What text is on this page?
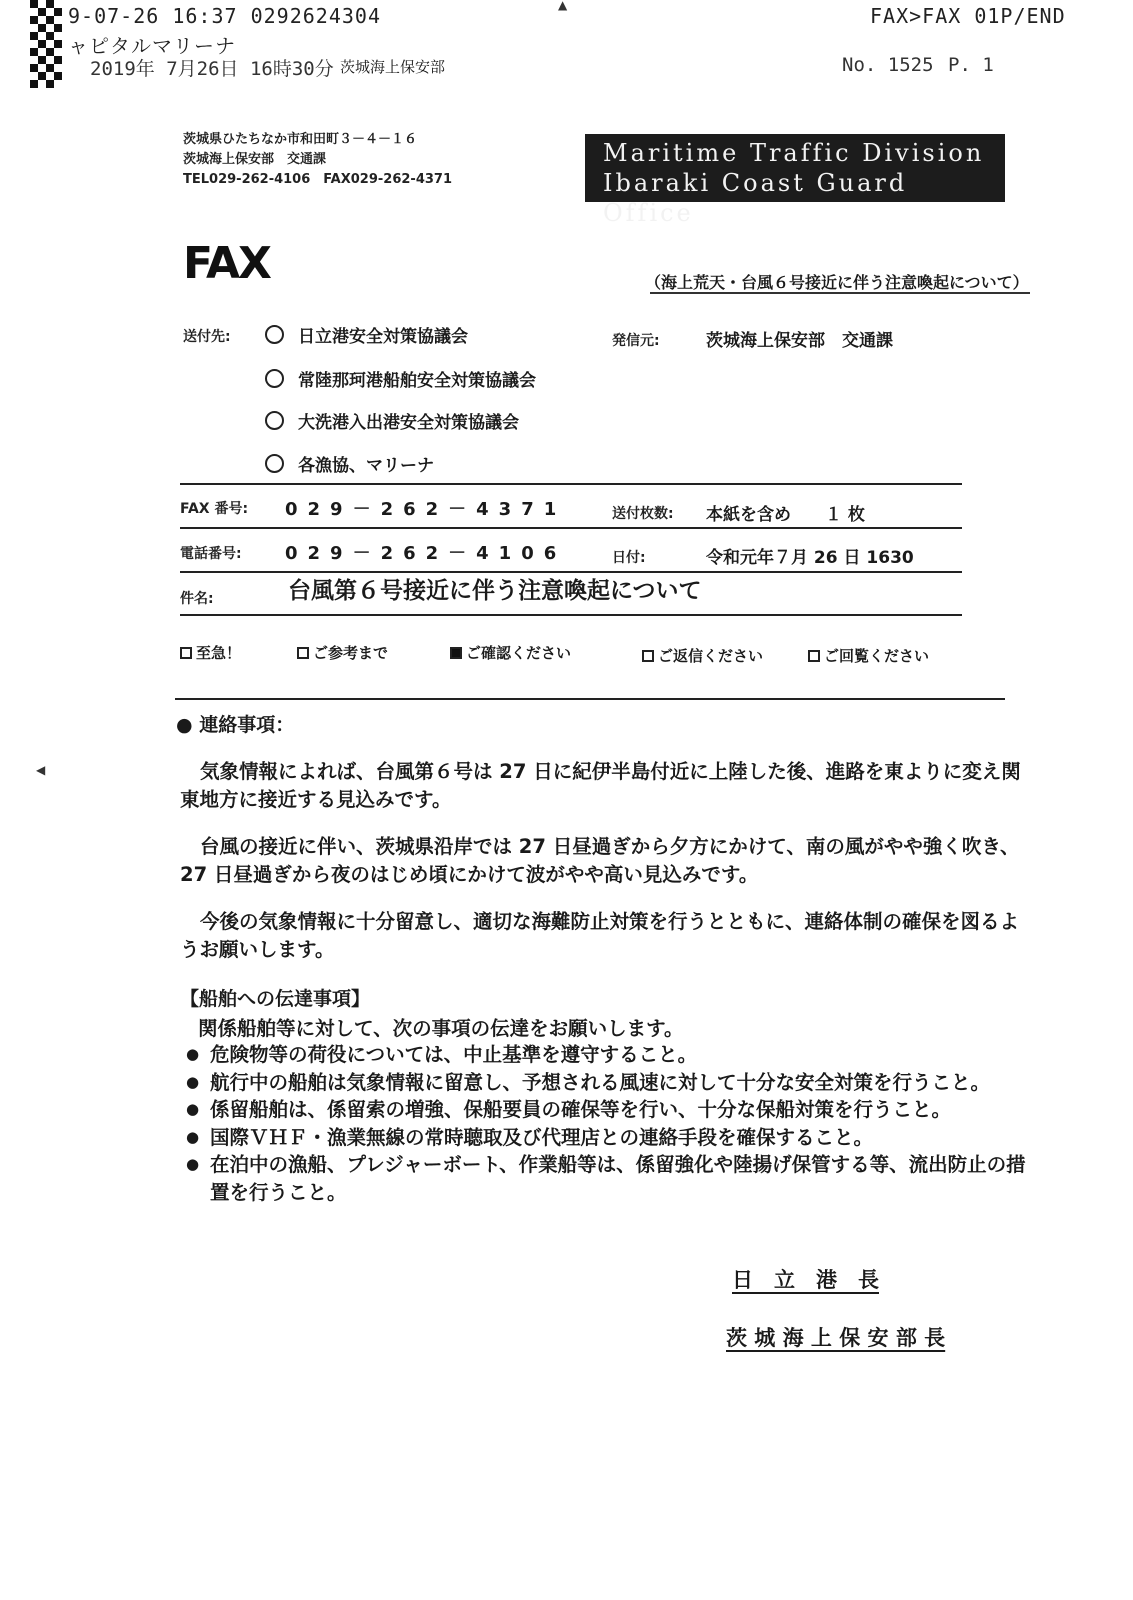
9-07-26 16:37 0292624304	▲	FAX>FAX 01P/END
ャピタルマリーナ
2019年 7月26日 16時30分 茨城海上保安部	No. 1525 P. 1
茨城県ひたちなか市和田町３－４－１６
茨城海上保安部　交通課
TEL029-262-4106　FAX029-262-4371
Maritime Traffic Division
Ibaraki Coast Guard Office
FAX	（海上荒天・台風６号接近に伴う注意喚起について）
送付先:	日立港安全対策協議会
常陸那珂港船舶安全対策協議会
大洗港入出港安全対策協議会
各漁協、マリーナ
発信元:	茨城海上保安部　交通課
FAX 番号: 029－262－4371	送付枚数: 本紙を含め　　１ 枚
電話番号: 029－262－4106	日付:	令和元年７月 26 日 1630
件名:	台風第６号接近に伴う注意喚起について
至急！	ご参考まで	ご確認ください	ご返信ください	ご回覧ください
◀
● 連絡事項：

気象情報によれば、台風第６号は 27 日に紀伊半島付近に上陸した後、進路を東よりに変え関東地方に接近する見込みです。

台風の接近に伴い、茨城県沿岸では 27 日昼過ぎから夕方にかけて、南の風がやや強く吹き、27 日昼過ぎから夜のはじめ頃にかけて波がやや高い見込みです。

今後の気象情報に十分留意し、適切な海難防止対策を行うとともに、連絡体制の確保を図るようお願いします。

【船舶への伝達事項】
関係船舶等に対して、次の事項の伝達をお願いします。
● 危険物等の荷役については、中止基準を遵守すること。
● 航行中の船舶は気象情報に留意し、予想される風速に対して十分な安全対策を行うこと。
● 係留船舶は、係留索の増強、保船要員の確保等を行い、十分な保船対策を行うこと。
● 国際ＶＨＦ・漁業無線の常時聴取及び代理店との連絡手段を確保すること。
● 在泊中の漁船、プレジャーボート、作業船等は、係留強化や陸揚げ保管する等、流出防止の措置を行うこと。
日　立　港　長
茨 城 海 上 保 安 部 長
